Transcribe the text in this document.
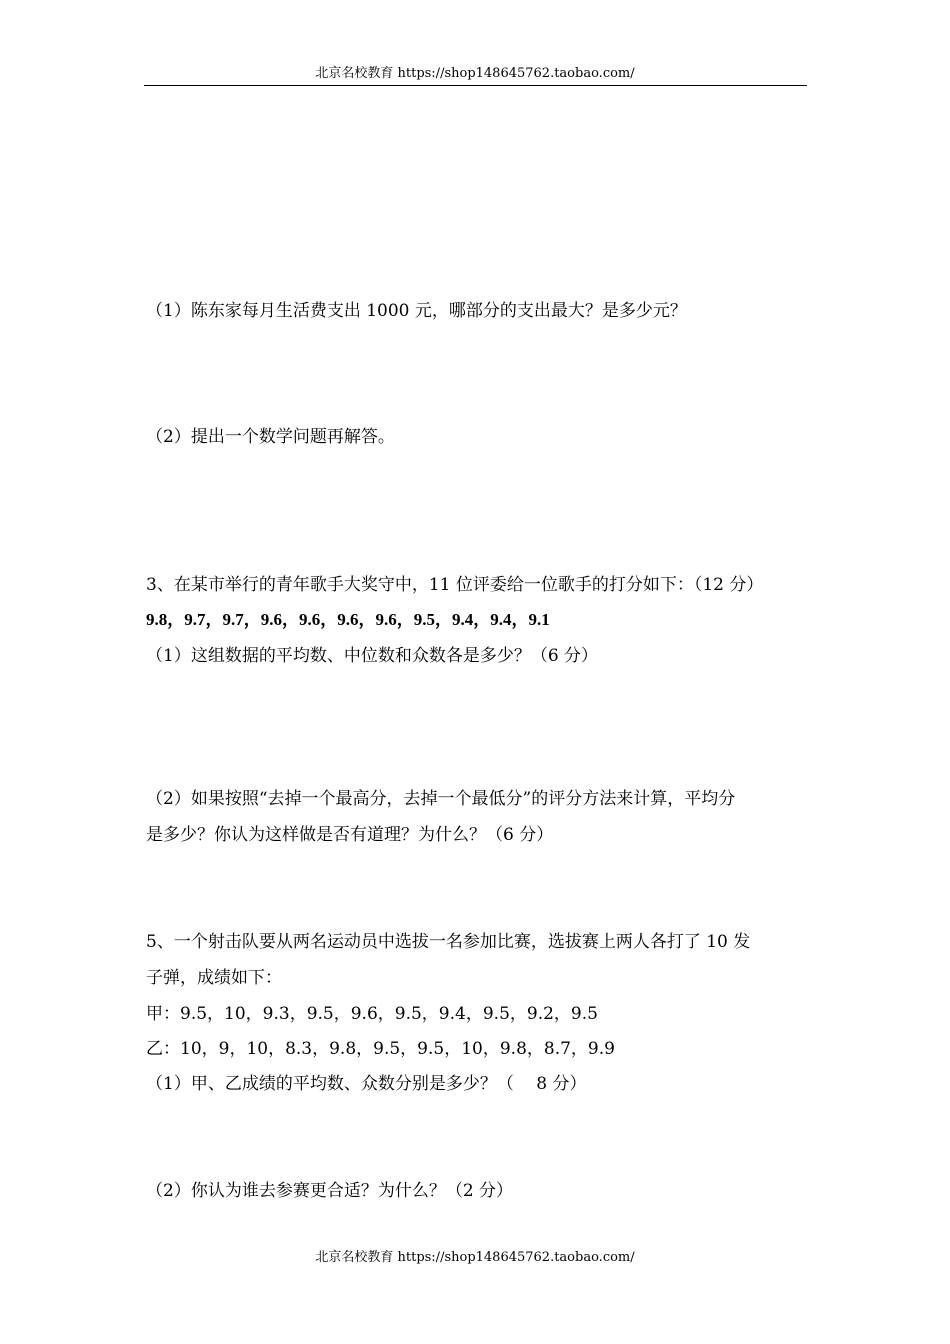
北京名校教育 https://shop148645762.taobao.com/
（1）陈东家每月生活费支出 1000 元，哪部分的支出最大？是多少元？
（2）提出一个数学问题再解答。
3、在某市举行的青年歌手大奖守中，11 位评委给一位歌手的打分如下：（12 分）
9.8，9.7，9.7，9.6，9.6，9.6，9.6，9.5，9.4，9.4，9.1
（1）这组数据的平均数、中位数和众数各是多少？（6 分）
（2）如果按照“去掉一个最高分，去掉一个最低分”的评分方法来计算，平均分
是多少？你认为这样做是否有道理？为什么？（6 分）
5、一个射击队要从两名运动员中选拔一名参加比赛，选拔赛上两人各打了 10 发
子弹，成绩如下：
甲：9.5，10，9.3，9.5，9.6，9.5，9.4，9.5，9.2，9.5
乙：10，9，10，8.3，9.8，9.5，9.5，10，9.8，8.7，9.9
（1）甲、乙成绩的平均数、众数分别是多少？（　 8 分）
（2）你认为谁去参赛更合适？为什么？（2 分）
北京名校教育 https://shop148645762.taobao.com/
